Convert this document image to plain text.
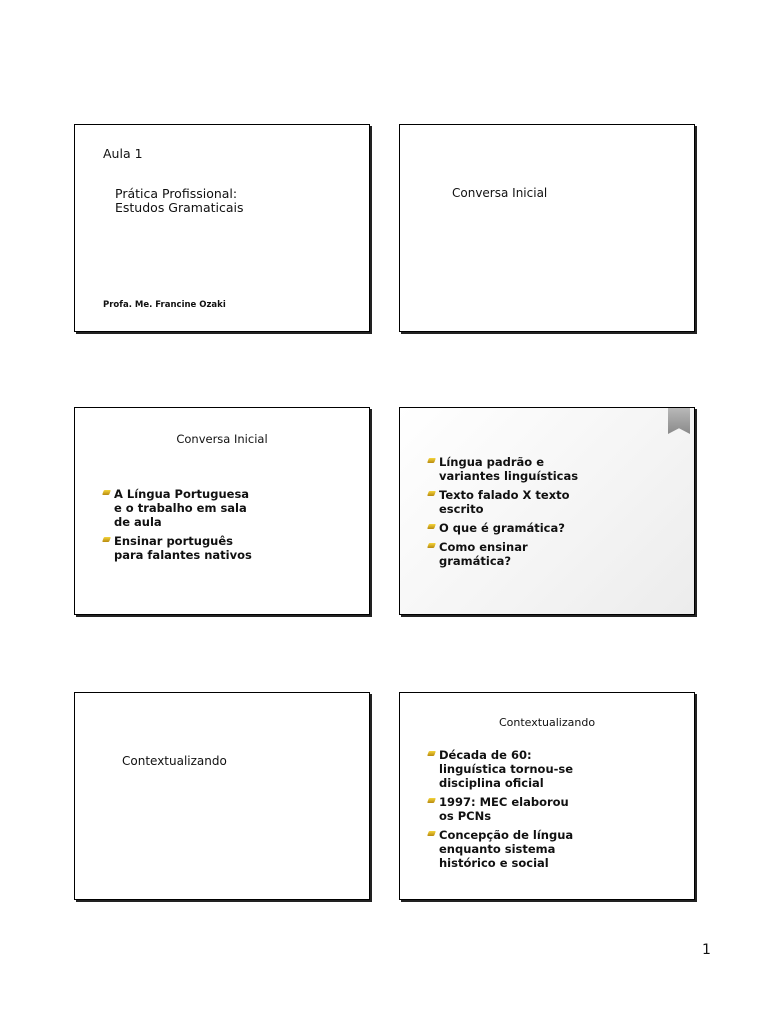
Aula 1
Prática Profissional:
Estudos Gramaticais
Profa. Me. Francine Ozaki
Conversa Inicial
Conversa Inicial
A Língua Portuguesa
e o trabalho em sala
de aula
Ensinar português
para falantes nativos
Língua padrão e
variantes linguísticas
Texto falado X texto
escrito
O que é gramática?
Como ensinar
gramática?
Contextualizando
Contextualizando
Década de 60:
linguística tornou-se
disciplina oficial
1997: MEC elaborou
os PCNs
Concepção de língua
enquanto sistema
histórico e social
1
